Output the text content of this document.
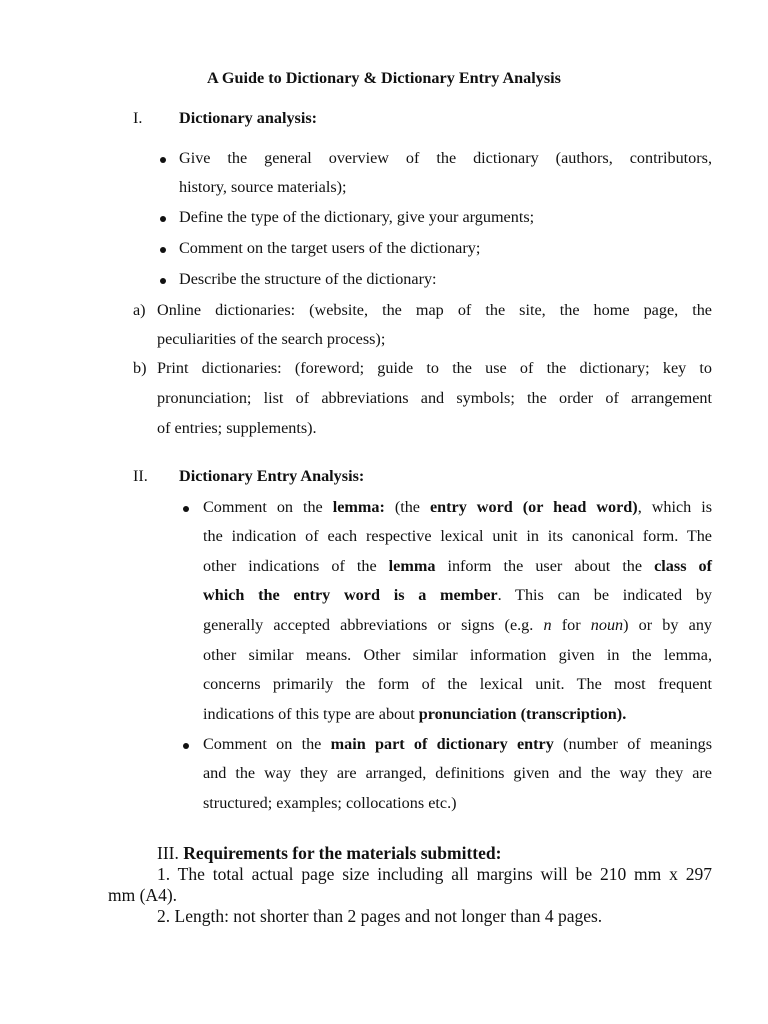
A Guide to Dictionary & Dictionary Entry Analysis
I. Dictionary analysis:
Give the general overview of the dictionary (authors, contributors,
history, source materials);
Define the type of the dictionary, give your arguments;
Comment on the target users of the dictionary;
Describe the structure of the dictionary:
a) Online dictionaries: (website, the map of the site, the home page, the
peculiarities of the search process);
b) Print dictionaries: (foreword; guide to the use of the dictionary; key to
pronunciation; list of abbreviations and symbols; the order of arrangement
of entries; supplements).
II. Dictionary Entry Analysis:
Comment on the lemma: (the entry word (or head word), which is
the indication of each respective lexical unit in its canonical form. The
other indications of the lemma inform the user about the class of
which the entry word is a member. This can be indicated by
generally accepted abbreviations or signs (e.g. n for noun) or by any
other similar means. Other similar information given in the lemma,
concerns primarily the form of the lexical unit. The most frequent
indications of this type are about pronunciation (transcription).
Comment on the main part of dictionary entry (number of meanings
and the way they are arranged, definitions given and the way they are
structured; examples; collocations etc.)
III. Requirements for the materials submitted:
1. The total actual page size including all margins will be 210 mm x 297
mm (A4).
2. Length: not shorter than 2 pages and not longer than 4 pages.
